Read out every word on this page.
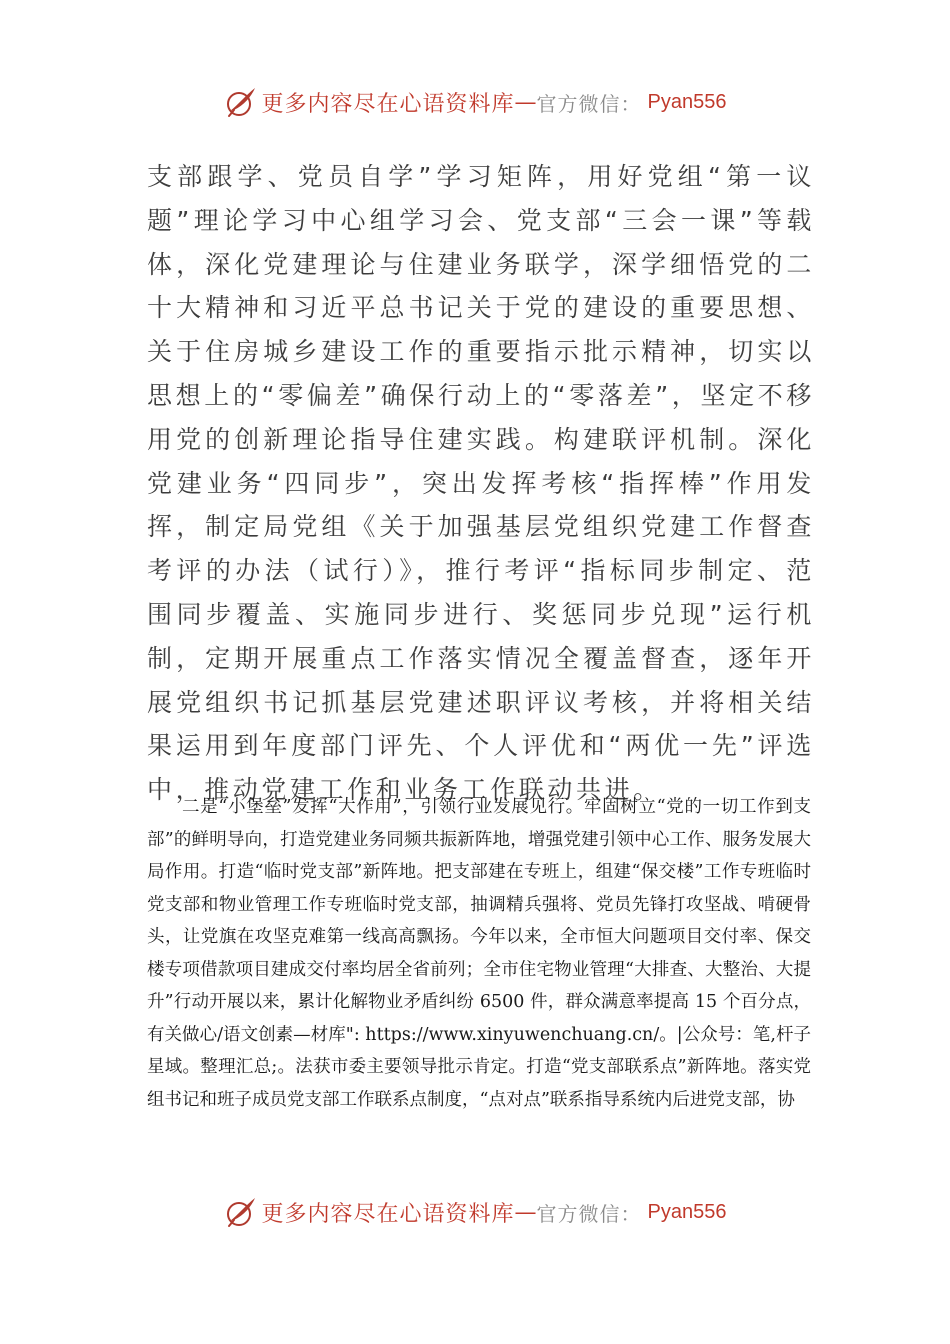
更多内容尽在心语资料库 — 官方微信： Pyan556

支部跟学、党员自学”学习矩阵，用好党组“第一议题”理论学习中心组学习会、党支部“三会一课”等载体，深化党建理论与住建业务联学，深学细悟党的二十大精神和习近平总书记关于党的建设的重要思想、关于住房城乡建设工作的重要指示批示精神，切实以思想上的“零偏差”确保行动上的“零落差”，坚定不移用党的创新理论指导住建实践。构建联评机制。深化党建业务“四同步”，突出发挥考核“指挥棒”作用发挥，制定局党组《关于加强基层党组织党建工作督查考评的办法（试行）》，推行考评“指标同步制定、范围同步覆盖、实施同步进行、奖惩同步兑现”运行机制，定期开展重点工作落实情况全覆盖督查，逐年开展党组织书记抓基层党建述职评议考核，并将相关结果运用到年度部门评先、个人评优和“两优一先”评选中，推动党建工作和业务工作联动共进。

二是“小堡垒”发挥“大作用”，引领行业发展见行。牢固树立“党的一切工作到支部”的鲜明导向，打造党建业务同频共振新阵地，增强党建引领中心工作、服务发展大局作用。打造“临时党支部”新阵地。把支部建在专班上，组建“保交楼”工作专班临时党支部和物业管理工作专班临时党支部，抽调精兵强将、党员先锋打攻坚战、啃硬骨头，让党旗在攻坚克难第一线高高飘扬。今年以来，全市恒大问题项目交付率、保交楼专项借款项目建成交付率均居全省前列；全市住宅物业管理“大排查、大整治、大提升”行动开展以来，累计化解物业矛盾纠纷 6500 件，群众满意率提高 15 个百分点，有关做心/语文创素—材库": https://www.xinyuwenchuang.cn/。|公众号：笔,杆子星域。整理汇总;。法获市委主要领导批示肯定。打造“党支部联系点”新阵地。落实党组书记和班子成员党支部工作联系点制度，“点对点”联系指导系统内后进党支部，协

更多内容尽在心语资料库 — 官方微信： Pyan556
